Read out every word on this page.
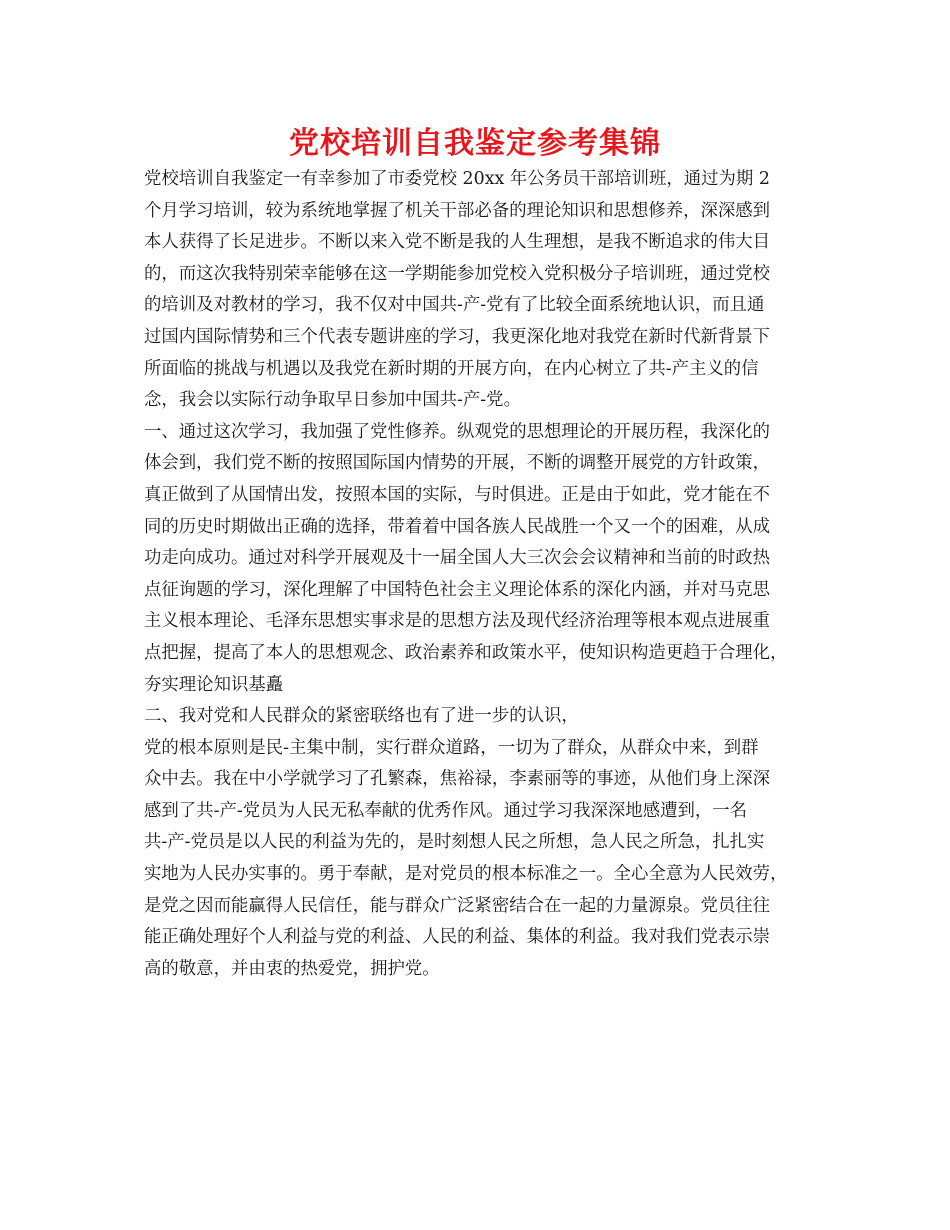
党校培训自我鉴定参考集锦
党校培训自我鉴定一有幸参加了市委党校 20xx 年公务员干部培训班，通过为期 2
个月学习培训，较为系统地掌握了机关干部必备的理论知识和思想修养，深深感到
本人获得了长足进步。不断以来入党不断是我的人生理想，是我不断追求的伟大目
的，而这次我特别荣幸能够在这一学期能参加党校入党积极分子培训班，通过党校
的培训及对教材的学习，我不仅对中国共-产-党有了比较全面系统地认识，而且通
过国内国际情势和三个代表专题讲座的学习，我更深化地对我党在新时代新背景下
所面临的挑战与机遇以及我党在新时期的开展方向，在内心树立了共-产主义的信
念，我会以实际行动争取早日参加中国共-产-党。
一、通过这次学习，我加强了党性修养。纵观党的思想理论的开展历程，我深化的
体会到，我们党不断的按照国际国内情势的开展，不断的调整开展党的方针政策，
真正做到了从国情出发，按照本国的实际，与时俱进。正是由于如此，党才能在不
同的历史时期做出正确的选择，带着着中国各族人民战胜一个又一个的困难，从成
功走向成功。通过对科学开展观及十一届全国人大三次会会议精神和当前的时政热
点征询题的学习，深化理解了中国特色社会主义理论体系的深化内涵，并对马克思
主义根本理论、毛泽东思想实事求是的思想方法及现代经济治理等根本观点进展重
点把握，提高了本人的思想观念、政治素养和政策水平，使知识构造更趋于合理化，
夯实理论知识基矗
二、我对党和人民群众的紧密联络也有了进一步的认识，
党的根本原则是民-主集中制，实行群众道路，一切为了群众，从群众中来，到群
众中去。我在中小学就学习了孔繁森，焦裕禄，李素丽等的事迹，从他们身上深深
感到了共-产-党员为人民无私奉献的优秀作风。通过学习我深深地感遭到，一名
共-产-党员是以人民的利益为先的，是时刻想人民之所想，急人民之所急，扎扎实
实地为人民办实事的。勇于奉献，是对党员的根本标准之一。全心全意为人民效劳，
是党之因而能赢得人民信任，能与群众广泛紧密结合在一起的力量源泉。党员往往
能正确处理好个人利益与党的利益、人民的利益、集体的利益。我对我们党表示崇
高的敬意，并由衷的热爱党，拥护党。
